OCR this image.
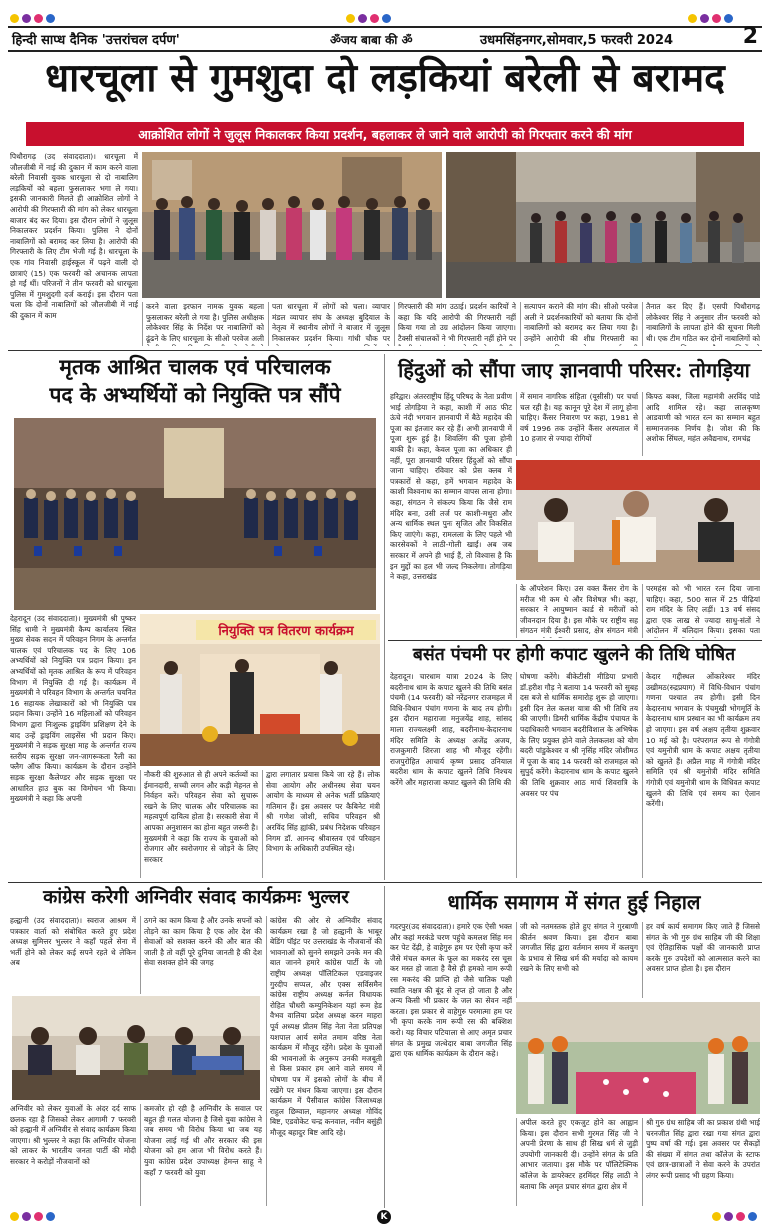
हिन्दी साप्ध दैनिक 'उत्तरांचल दर्पण'	ॐजय बाबा की ॐ	उधमसिंहनगर,सोमवार,5 फरवरी 2024	2
धारचूला से गुमशुदा दो लड़कियां बरेली से बरामद
आक्रोशित लोगों ने जुलूस निकालकर किया प्रदर्शन, बहलाकर ले जाने वाले आरोपी को गिरफ्तार करने की मांग
पिथौरागढ़ (उद संवाददाता)। धारचूला में जौलजीबी में नाई की दुकान में काम करने वाला बरेली निवासी युवक धारचूला से दो नाबालिग लड़कियों को बहला फुसलाकर भगा ले गया। इसकी जानकारी मिलते ही आक्रोशित लोगों ने आरोपी की गिरफ्तारी की मांग को लेकर धारचूला बाजार बंद कर दिया। इस दौरान लोगों ने जुलूस निकालकर प्रदर्शन किया। पुलिस ने दोनों नाबालिगों को बरामद कर लिया है। आरोपी की गिरफ्तारी के लिए टीम भेजी गई है। धारचूला के एक गांव निवासी हाईस्कूल में पढ़ने वाली दो छात्राएं (15) एक फरवरी को अचानक लापता हो गईं थीं। परिजनों ने तीन फरवरी को धारचूला पुलिस में गुमशुदगी दर्ज कराई। इस दौरान पता चला कि दोनों नाबालिगों को जौलजीबी में नाई की दुकान में काम
करने वाला इरफान नामक युवक बहला फुसलाकर बरेली ले गया है। पुलिस अधीक्षक लोकेश्वर सिंह के निर्देश पर नाबालिगों को ढूंढने के लिए धारचूला के सीओ परवेज अली
पता धारचूला में लोगों को चला। व्यापार मंडल व्यापार संघ के अध्यक्ष बुदियाल के नेतृत्व में स्थानीय लोगों ने बाजार में जुलूस निकालकर प्रदर्शन किया। गांधी चौक पर
गिरफ्तारी की मांग उठाई। प्रदर्शन कारियों ने कहा कि यदि आरोपी की गिरफ्तारी नहीं किया गया तो उग्र आंदोलन किया जाएगा। टैक्सी संचालकों ने भी गिरफ्तारी नहीं होने पर
सत्यापन कराने की मांग की। सीओ परवेज अली ने प्रदर्शनकारियों को बताया कि दोनों नाबालिगों को बरामद कर लिया गया है। उन्होंने आरोपी की शीघ्र गिरफ्तारी का
तैनात कर दिए हैं। एसपी पिथौरागढ़ लोकेश्वर सिंह ने अनुसार तीन फरवरी को नाबालिगों के लापता होने की सूचना मिली थी। एक टीम गठित कर दोनों नाबालिगों को
मृतक आश्रित चालक एवं परिचालक
पद के अभ्यर्थियों को नियुक्ति पत्र सौंपे
देहरादून (उद संवाददाता)। मुख्यमंत्री श्री पुष्कर सिंह धामी ने मुख्यमंत्री कैम्प कार्यालय स्थित मुख्य सेवक सदन में परिवहन निगम के अन्तर्गत चालक एवं परिचालक पद के लिए 106 अभ्यर्थियों को नियुक्ति पत्र प्रदान किया। इन अभ्यर्थियों को मृतक आश्रित के रूप में परिवहन विभाग में नियुक्ति दी गई है। कार्यक्रम में मुख्यमंत्री ने परिवहन विभाग के अन्तर्गत चयनित 16 सहायक लेखाकारों को भी नियुक्ति पत्र प्रदान किया। उन्होंने 16 महिलाओं को परिवहन विभाग द्वारा निःशुल्क ड्राइविंग प्रशिक्षण देने के बाद उन्हें ड्राइविंग लाइसेंस भी प्रदान किए। मुख्यमंत्री ने सड़क सुरक्षा माह के अन्तर्गत राज्य स्तरीय सड़क सुरक्षा जन-जागरूकता रैली का फ्लैग ऑफ किया। कार्यक्रम के दौरान उन्होंने सड़क सुरक्षा कैलेण्डर और सड़क सुरक्षा पर आधारित हाउ बुक का विमोचन भी किया। मुख्यमंत्री ने कहा कि अपनी
नियुक्ति पत्र वितरण कार्यक्रम
नौकरी की शुरुआत से ही अपने कर्तव्यों का ईमानदारी, सच्ची लगन और कड़ी मेहनत से निर्वहन करें। परिवहन सेवा को सुचारू रखने के लिए चालक और परिचालक का महत्वपूर्ण दायित्व होता है। सरकारी सेवा में आपका अनुशासन का होना बहुत जरूरी है। मुख्यमंत्री ने कहा कि राज्य के युवाओं को रोजगार और स्वरोजगार से जोड़ने के लिए सरकार
द्वारा लगातार प्रयास किये जा रहे हैं। लोक सेवा आयोग और अधीनस्थ सेवा चयन आयोग के माध्यम से अनेक भर्ती प्रक्रियाएं गतिमान हैं। इस अवसर पर कैबिनेट मंत्री श्री गणेश जोशी, सचिव परिवहन श्री अरविंद सिंह ह्यांकी, प्रबंध निदेशक परिवहन निगम डॉ. आनन्द श्रीवास्तव एवं परिवहन विभाग के अधिकारी उपस्थित रहे।
हिंदुओं को सौंपा जाए ज्ञानवापी परिसर: तोगड़िया
हरिद्वार। अंतरराष्ट्रीय हिंदू परिषद के नेता प्रवीण भाई तोगड़िया ने कहा, काशी में आठ फीट ऊंचे नंदी भगवान ज्ञानवापी में बैठे महादेव की पूजा का इंतजार कर रहे हैं। अभी ज्ञानवापी में पूजा शुरू हुई है। शिवलिंग की पूजा होनी बाकी है। कहा, केवल पूजा का अधिकार ही नहीं, पूरा ज्ञानवापी परिसर हिंदुओं को सौंपा जाना चाहिए। रविवार को प्रेस क्लब में पत्रकारों से कहा, हमें भगवान महादेव के काशी विश्वनाथ का सम्मान वापस लाना होगा। कहा, संगठन ने संकल्प किया कि जैसे राम मंदिर बना, उसी तर्ज पर काशी-मथुरा और अन्य धार्मिक स्थल पुनः सृजित और विकसित किए जाएंगे। कहा, रामलला के लिए पहले भी कारसेवकों ने लाठी-गोली खाईं। अब जब सरकार में अपने ही भाई हैं, तो विश्वास है कि इन मुद्दों का हल भी जल्द निकलेगा। तोगड़िया ने कहा, उत्तराखंड
में समान नागरिक संहिता (यूसीसी) पर चर्चा चल रही है। यह कानून पूरे देश में लागू होना चाहिए। कैंसर निवारण पर कहा, 1981 से वर्ष 1996 तक उन्होंने कैंसर अस्पताल में 10 हजार से ज्यादा रोगियों
किफ्ठ बक्श, जिला महामंत्री अरविंद पांडे आदि शामिल रहे। कहा लालकृष्ण आडवाणी को भारत रत्न का सम्मान बहुत सम्मानजनक निर्णय है। जोश की कि अशोक सिंघल, महंत अवैद्यनाथ, रामचंद्र
के ऑपरेशन किए। उस वक्त कैंसर रोग के मरीज भी कम थे और विशेषज्ञ भी। कहा, सरकार ने आयुष्मान कार्ड से मरीजों को जीवनदान दिया है। इस मौके पर राष्ट्रीय सह संगठन मंत्री ईश्वरी प्रसाद, क्षेत्र संगठन मंत्री
परमहंस को भी भारत रत्न दिया जाना चाहिए। कहा, 500 साल में 25 पीढ़ियां राम मंदिर के लिए लड़ीं। 13 वर्ष संसद द्वारा एक लाख से ज्यादा साधु-संतों ने आंदोलन में बलिदान किया। इसका पता
बसंत पंचमी पर होगी कपाट खुलने की तिथि घोषित
देहरादून। चारधाम यात्रा 2024 के लिए बदरीनाथ धाम के कपाट खुलने की तिथि बसंत पंचमी (14 फरवरी) को नरेंद्रनगर राजमहल में विधि-विधान पंचांग गणना के बाद तय होगी। इस दौरान महाराजा मनुजयेंद्र शाह, सांसद माला राज्यलक्ष्मी शाह, बदरीनाथ-केदारनाथ मंदिर समिति के अध्यक्ष अजेंद्र अजय, राजकुमारी शिरजा शाह भी मौजूद रहेंगी। राजपुरोहित आचार्य कृष्ण प्रसाद उनियाल बदरीश धाम के कपाट खुलने तिथि निश्चय करेंगे और महाराजा कपाट खुलने की तिथि की
घोषणा करेंगे। बीकेटीसी मीडिया प्रभारी डॉ.हरीश गौड़ ने बताया 14 फरवरी को सुबह दस बजे से धार्मिक समारोह शुरू हो जाएगा। इसी दिन तेल कलश यात्रा की भी तिथि तय की जाएगी। डिमरी धार्मिक केंद्रीय पंचायत के पदाधिकारी भगवान बदरीविशाल के अभिषेक के लिए प्रयुक्त होने वाले तेलकलश को योग बदरी पांडुकेश्वर व श्री नृसिंह मंदिर जोशीमठ में पूजा के बाद 14 फरवरी को राजमहल को सुपुर्द करेंगे। केदारनाथ धाम के कपाट खुलने की तिथि शुक्रवार आठ मार्च शिवरात्रि के अवसर पर पंच
केदार गद्दीस्थल ओंकारेश्वर मंदिर उखीमठ(रुद्रप्रयाग) में विधि-विधान पंचांग गणना पश्चात तय होगी। इसी दिन केदारनाथ भगवान के पंचमुखी भोगमूर्ति के केदारनाथ धाम प्रस्थान का भी कार्यक्रम तय हो जाएगा। इस वर्ष अक्षय तृतीया शुक्रवार 10 मई को है। परंपरागत रूप से गंगोत्री एवं यमुनोत्री धाम के कपाट अक्षय तृतीया को खुलते हैं। अप्रैल माह में गंगोत्री मंदिर समिति एवं श्री यमुनोत्री मंदिर समिति गंगोत्री एवं यमुनोत्री धाम के विधिवत कपाट खुलने की तिथि एवं समय का ऐलान करेंगी।
कांग्रेस करेगी अग्निवीर संवाद कार्यक्रमः भुल्लर
हल्द्वानी (उद संवाददाता)। स्वराज आश्रम में पत्रकार वार्ता को संबोधित करते हुए प्रदेश अध्यक्ष सुमित्तर भुल्लर ने कहाँ पहले सेना में भर्ती होने को लेकर कई सपने रहते थे लेकिन अब
ठगने का काम किया है और उनके सपनों को तोड़ने का काम किया है एक ओर देश की सेवाओं को सशक्त करने की और बात की जाती है तो वहीं पूरे दुनिया जानती है की देश सेवा सशक्त होने की जगह
कांग्रेस की ओर से अग्निवीर संवाद कार्यक्रम रखा है जो हल्द्वानी के भाबूर बेडिंग पॉइंट पर उत्तराखंड के नौजवानों की भावनाओं को सुनने समझने उनके मन की बात जानने हमारे कांग्रेस पार्टी के जो राष्ट्रीय अध्यक्ष पॉलिटिकल एडवाइजर गुरदीप सप्पल, और एक्स सर्विसमैन कांग्रेस राष्ट्रीय अध्यक्ष कर्नल विधायक रोहित चौधरी कम्युनिकेशन यहां रूम हेड वैभव वालिया प्रदेश अध्यक्ष करन माहरा पूर्व अध्यक्ष प्रीतम सिंह नेता नेता प्रतिपक्ष यशपाल आर्य समेत तमाम वरिष्ठ नेता कार्यक्रम में मौजूद रहेंगे। प्रदेश के युवाओं की भावनाओं के अनुरूप उनकी मजबूती से किस प्रकार हम आने वाले समय में घोषणा पत्र में इसको लोगों के बीच में रखेंगे पर मंथन किया जाएगा। इस दौरान कार्यक्रम में पैसीवाल कांग्रेस जिलाध्यक्ष राहुल छिम्वाल, महानगर अध्यक्ष गोविंद बिष्ट, एडवोकेट चन्द्र कनवाल, नवीन बसुंही मौजूद बहादुर बिष्ट आदि रहे।
अग्निवीर को लेकर युवाओं के अंदर दर्द साफ छलक रहा है जिसको लेकर आगामी 7 फरवरी को हल्द्वानी में अग्निवीर से संवाद कार्यक्रम किया जाएगा। श्री भुल्लर ने कहा कि अग्निवीर योजना को लाकर के भारतीय जनता पार्टी की मोदी सरकार ने करोड़ों नौजवानों को
कमजोर हो रही है अग्निवीर के सवाल पर बहुत ही गलत योजना है जिसे युवा कांग्रेस ने जब समय भी विरोध किया था जब यह योजना लाई गई थी और सरकार की इस योजना को हम आज भी विरोध करते हैं। युवा कांग्रेस प्रदेश उपाध्यक्ष हेमन्त साहू ने कहाँ 7 फरवरी को युवा
धार्मिक समागम में संगत हुई निहाल
गदरपुर(उद संवाददाता)। हमारे एक ऐसी भक्त और कहां मरकंडे चरण पहुंचे कमलश सिंह मन कर पेट देंढ़ी, हे वाहेगुरु हम पर ऐसी कृपा करें जैसे मंचल कमल के फूल का मकरंद रस चूस कर मस्त हो जाता है वैसे ही हमको नाम रूपी रस मकरंद की प्राप्ति हो जैसे चातिक पक्षी स्वाति नक्षत्र की बूंद से तृप्त हो जाता है और अन्य किसी भी प्रकार के जल का सेवन नहीं करता। इस प्रकार से वाहेगुरु परमात्मा हम पर भी कृपा करके नाम रूपी रस की बक्शिश करो। यह विचार पटियाला से आए अमृत प्रचार संगत के प्रमुख जत्थेदार बाबा जगजीत सिंह द्वारा एक धार्मिक कार्यक्रम के दौरान कहे।
जी को नतमस्तक होते हुए संगत ने गुरबाणी कीर्तन श्रवण किया। इस दौरान बाबा जगजीत सिंह द्वारा वर्तमान समय में कलयुग के प्रभाव से सिख धर्म की मर्यादा को कायम रखने के लिए सभी को
हर वर्ष कार्य समागम किए जाते हैं जिससे संगत के भी गुरु ग्रंथ साहिब जी की शिक्षा एवं ऐतिहासिक पक्षों की जानकारी प्राप्त करके गुरु उपदेशों को आत्मसात करने का अवसर प्राप्त होता है। इस दौरान
अपील करते हुए एकजुट होने का आह्वान किया। इस दौरान सभी गुरमत सिंह जी ने अपनी प्रेरणा के साथ ही सिख धर्म से जुड़ी उपयोगी जानकारी दी। उन्होंने संगत के प्रति आभार जताया। इस मौके पर पॉलिटेक्निक कॉलेज के डायरेक्टर हरमिंदर सिंह लाठी ने बताया कि अमृत प्रचार संगत द्वारा क्षेत्र में
श्री गुरु ग्रंथ साहिब जी का प्रकाश ग्रंथी भाई चरनजीत सिंह द्वारा रखा गया संगत द्वारा पुष्प वर्षा की गई। इस अवसर पर सैकड़ों की संख्या में संगत तथा कॉलेज के स्टाफ एवं छात्र-छात्राओं ने सेवा करने के उपरांत लंगर रूपी प्रसाद भी ग्रहण किया।
K
